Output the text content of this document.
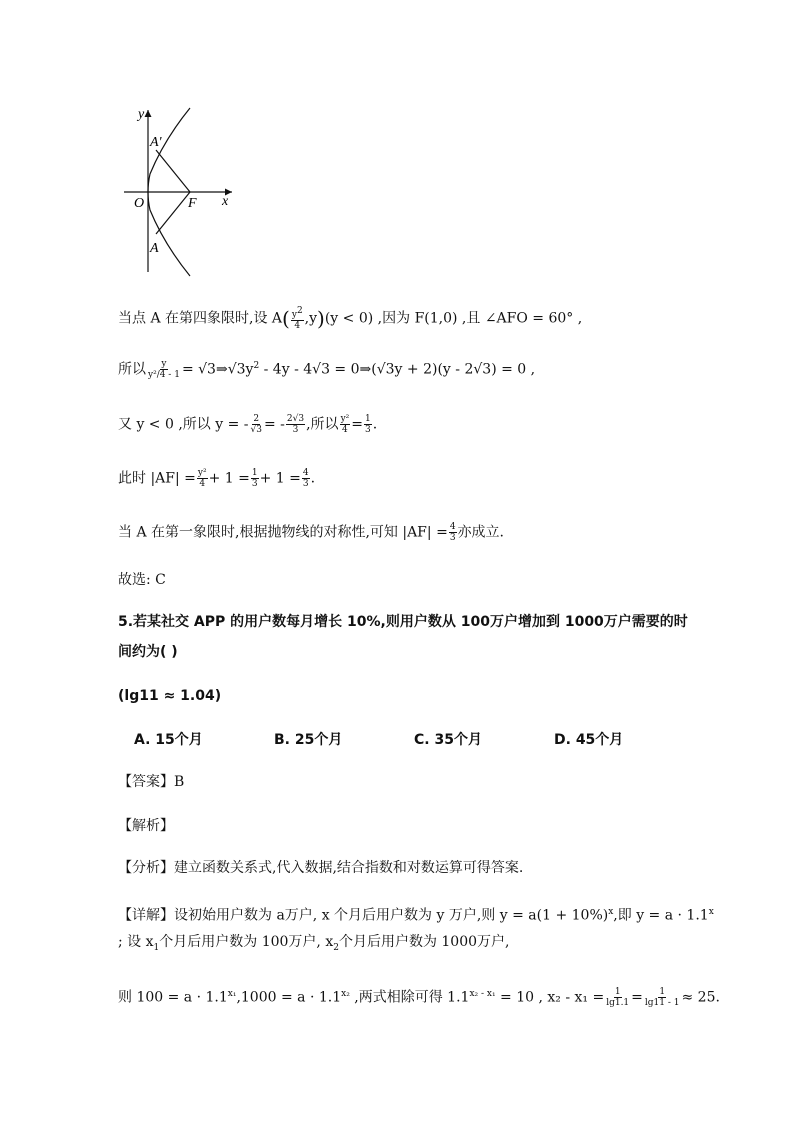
y
x
O	F
A'
A
当点 A 在第四象限时,设 $A( \frac{y2}{4} ,y)(y < 0)$ ,因为 F(1,0) ,且 ∠AFO = 60° ,
所以 $\frac{y}{\text{y²/4 - 1}}$ = $√3\Rightarrow√3y^2 - 4y - 4√3$ = 0⇒(√3y + 2)(y - 2√3) = 0 ,
又 y < 0 ,所以 y = - $\frac{2}{√3}$ = - $\frac{2√3}{3}$ ,所以 $\frac{\text{y²}}{4} = \frac{1}{3}$ .
此时 $|AF| = \frac{\text{y²}}{4} + 1 = \frac{1}{3} + 1 = \frac{4}{3}$ .
当 A 在第一象限时,根据抛物线的对称性,可知 $|AF| = \frac{4}{3}$ 亦成立.
故选: C
5.若某社交 APP 的用户数每月增长 10%,则用户数从 100万户增加到 1000万户需要的时
间约为( )
(lg11 ≈ 1.04)
A. 15个月	B. 25个月	C. 35个月	D. 45个月
【答案】B
【解析】
【分析】建立函数关系式,代入数据,结合指数和对数运算可得答案.
【详解】设初始用户数为 a万户, x 个月后用户数为 y 万户,则 $y = a(1 + 10\%)^x$,即 $y = a \cdot 1.1^x$
; 设 $x_1$个月后用户数为 100万户, $x_2$个月后用户数为 1000万户,
则 $100 = a \cdot 1.1^{x_1},1000 = a \cdot 1.1^{x_2}$ ,两式相除可得 $1.1^{x_2 - x_1} = 10$ , $x_2 - x_1 = \frac{1}{\lg 1.1} = \frac{1}{\lg 11 - 1} \approx 25$.
